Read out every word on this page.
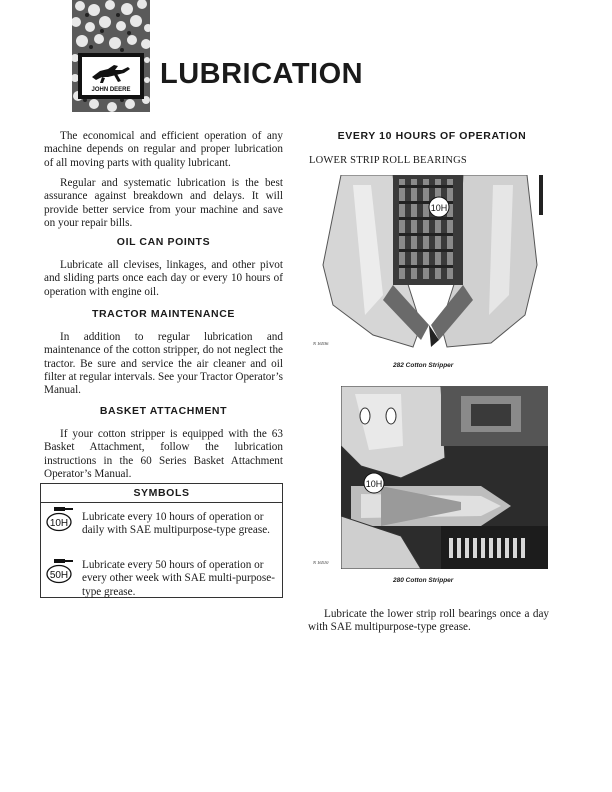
JOHN DEERE LUBRICATION
The economical and efficient operation of any machine depends on regular and proper lubrication of all moving parts with quality lubricant.
Regular and systematic lubrication is the best assurance against breakdown and delays. It will provide better service from your machine and save on your repair bills.
OIL CAN POINTS
Lubricate all clevises, linkages, and other pivot and sliding parts once each day or every 10 hours of operation with engine oil.
TRACTOR MAINTENANCE
In addition to regular lubrication and maintenance of the cotton stripper, do not neglect the tractor. Be sure and service the air cleaner and oil filter at regular intervals. See your Tractor Operator’s Manual.
BASKET ATTACHMENT
If your cotton stripper is equipped with the 63 Basket Attachment, follow the lubrication instructions in the 60 Series Basket Attachment Operator’s Manual.
SYMBOLS
10H
Lubricate every 10 hours of operation or daily with SAE multipurpose-type grease.
50H
Lubricate every 50 hours of operation or every other week with SAE multi-purpose-type grease.
EVERY 10 HOURS OF OPERATION
LOWER STRIP ROLL BEARINGS
10H
N 16536
282 Cotton Stripper
10H
N 16510
280 Cotton Stripper
Lubricate the lower strip roll bearings once a day with SAE multipurpose-type grease.
